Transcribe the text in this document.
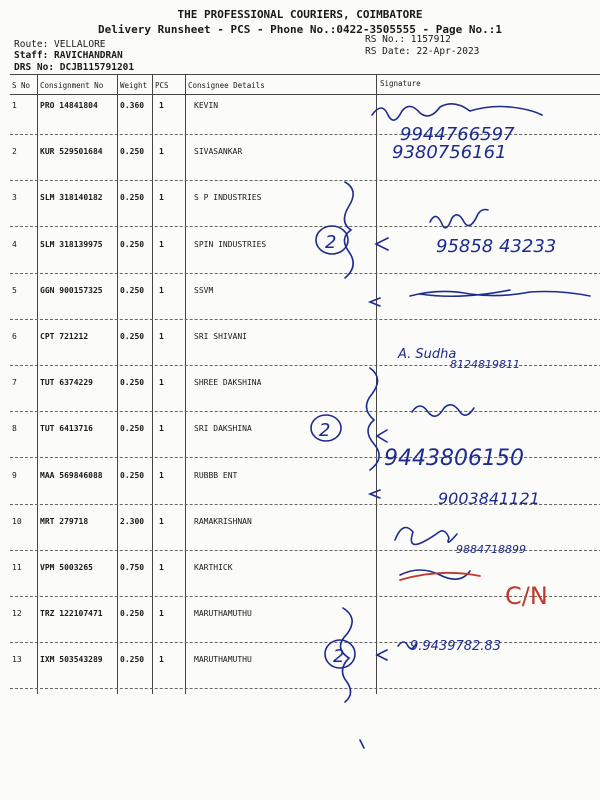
THE PROFESSIONAL COURIERS, COIMBATORE
Delivery Runsheet - PCS - Phone No.:0422-3505555 - Page No.:1
Route: VELLALORE
Staff: RAVICHANDRAN
DRS No: DCJB115791201
RS No.: 1157912
RS Date: 22-Apr-2023
S No Consignment No Weight PCS	Consignee Details	Signature
1	PRO 14841804	0.360 1	KEVIN
2	KUR 529501684 0.250 1	SIVASANKAR
3	SLM 318140182 0.250 1	S P INDUSTRIES
4	SLM 318139975 0.250 1	SPIN INDUSTRIES
5	GGN 900157325 0.250 1	SSVM
6	CPT 721212	0.250 1	SRI SHIVANI
7	TUT 6374229	0.250 1	SHREE DAKSHINA
8	TUT 6413716	0.250 1	SRI DAKSHINA
9	MAA 569846088 0.250 1	RUBBB ENT
10 MRT 279718	2.300 1	RAMAKRISHNAN
11 VPM 5003265	0.750 1	KARTHICK
12 TRZ 122107471 0.250 1	MARUTHAMUTHU
13 IXM 503543289 0.250 1	MARUTHAMUTHU
9944766597
9380756161
95858 43233
A. Sudha
8124819811
9443806150
9003841121
9884718899
9.9439782.83
2
2
2
C/N
